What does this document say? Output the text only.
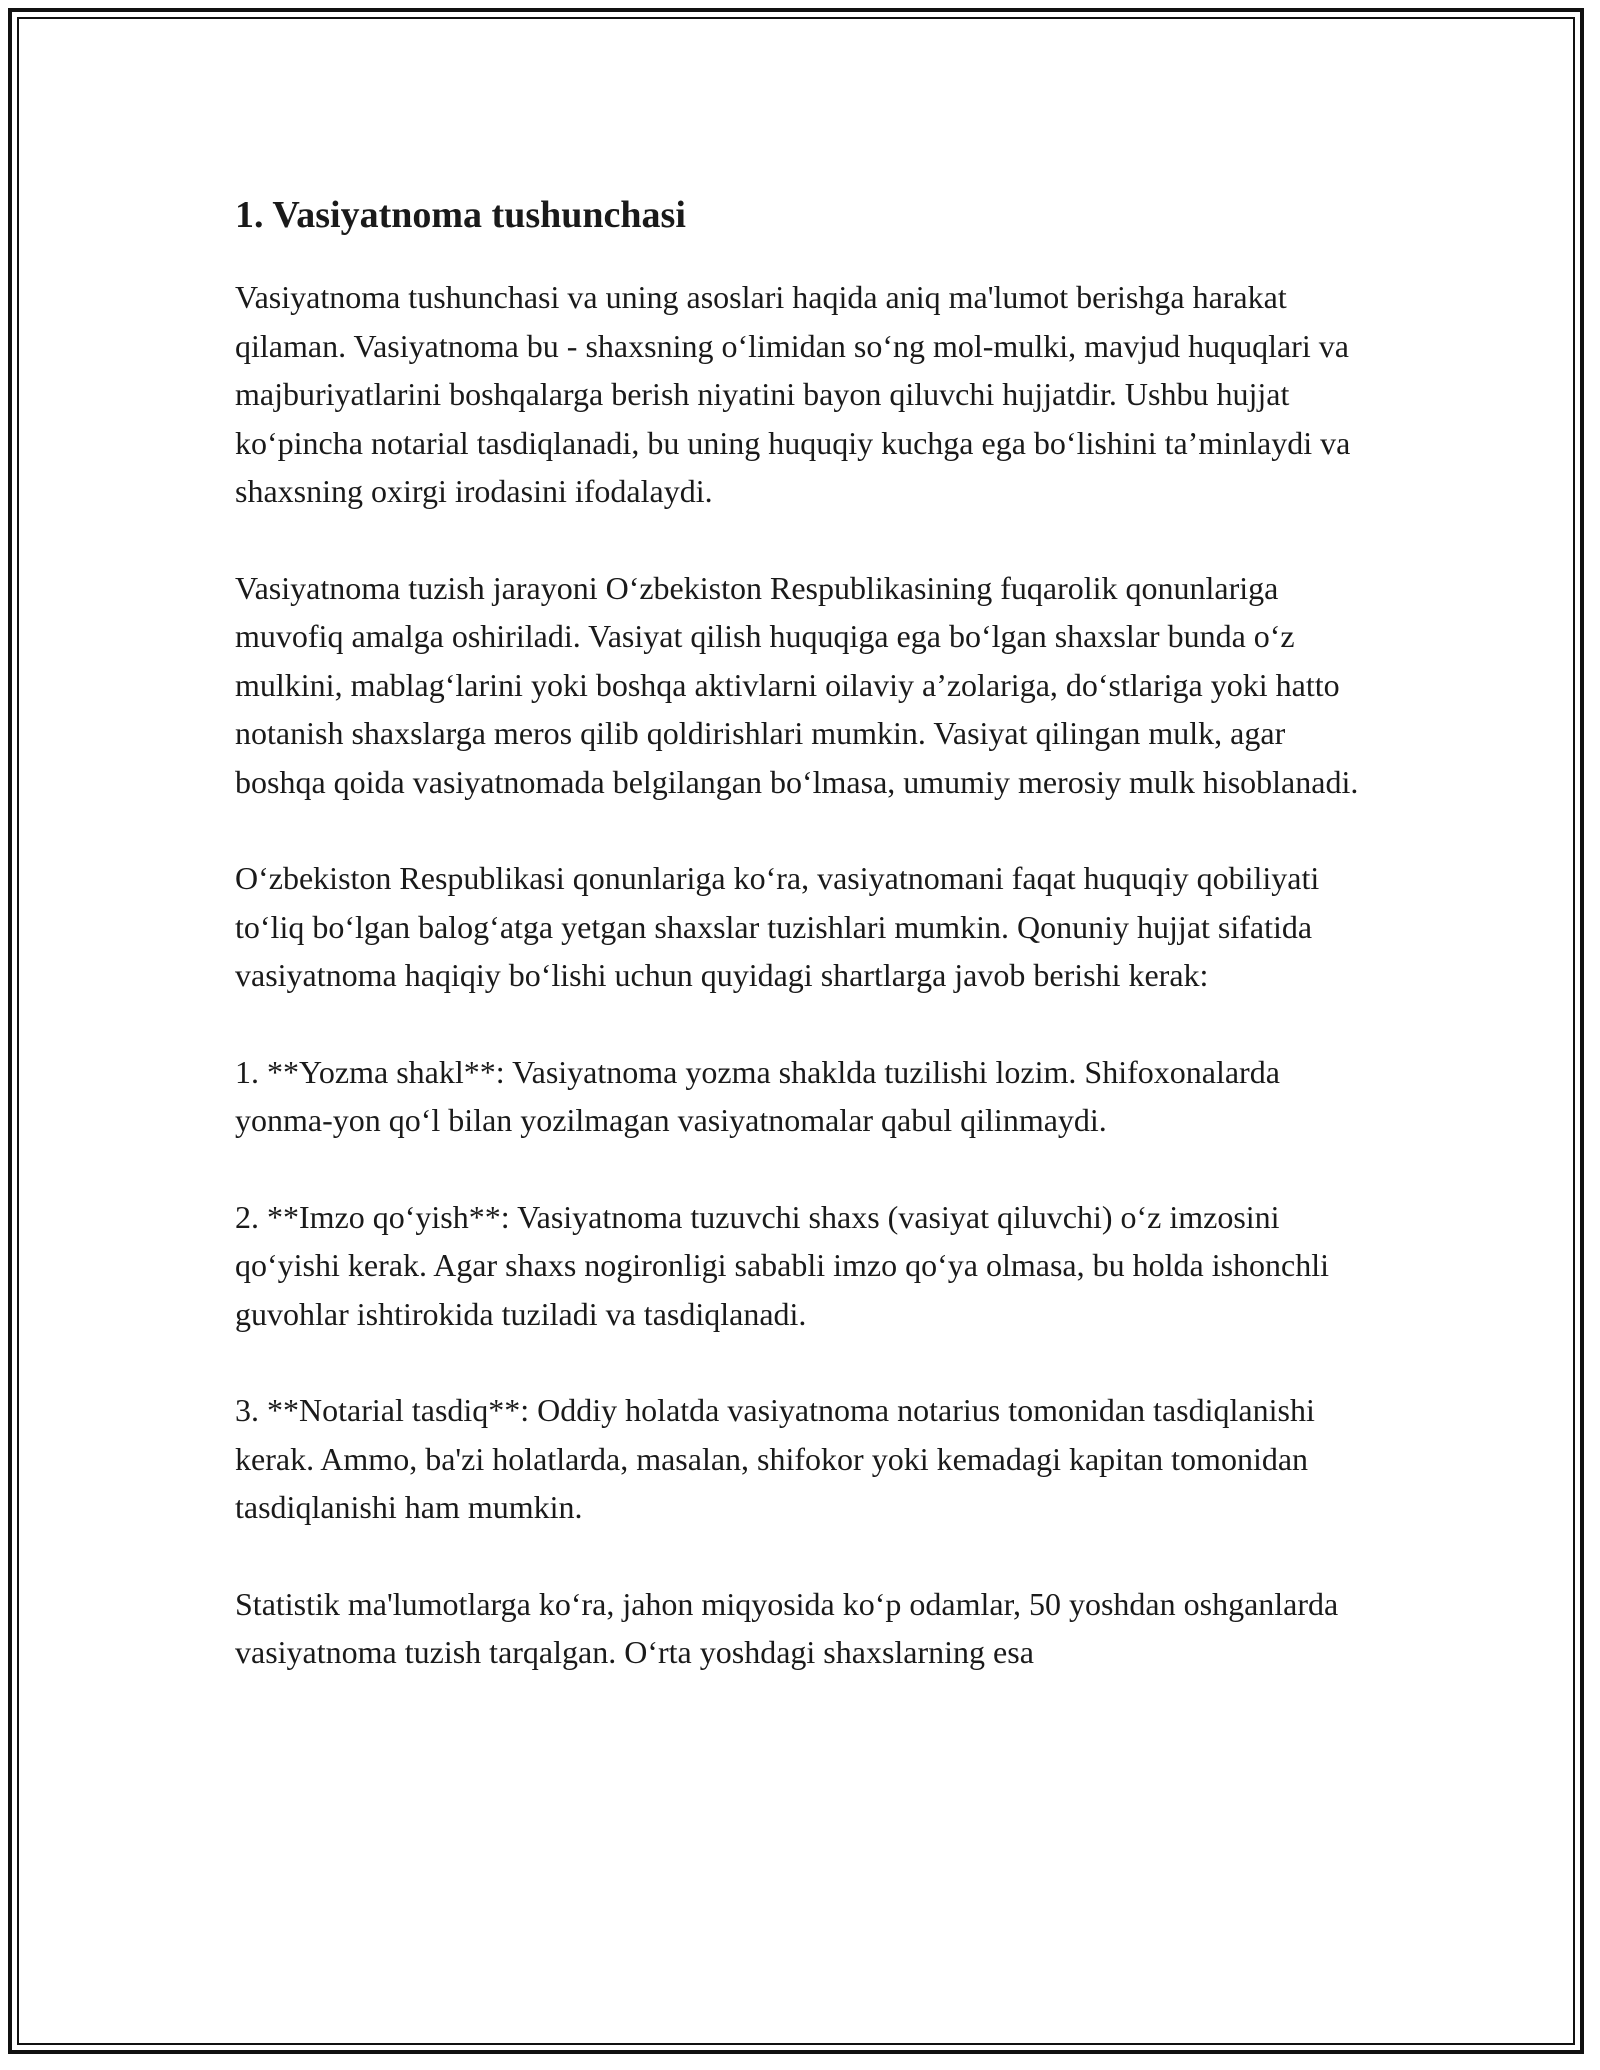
1. Vasiyatnoma tushunchasi

Vasiyatnoma tushunchasi va uning asoslari haqida aniq ma'lumot berishga harakat qilaman. Vasiyatnoma bu - shaxsning o‘limidan so‘ng mol-mulki, mavjud huquqlari va majburiyatlarini boshqalarga berish niyatini bayon qiluvchi hujjatdir. Ushbu hujjat ko‘pincha notarial tasdiqlanadi, bu uning huquqiy kuchga ega bo‘lishini ta’minlaydi va shaxsning oxirgi irodasini ifodalaydi.

Vasiyatnoma tuzish jarayoni O‘zbekiston Respublikasining fuqarolik qonunlariga muvofiq amalga oshiriladi. Vasiyat qilish huquqiga ega bo‘lgan shaxslar bunda o‘z mulkini, mablag‘larini yoki boshqa aktivlarni oilaviy a’zolariga, do‘stlariga yoki hatto notanish shaxslarga meros qilib qoldirishlari mumkin. Vasiyat qilingan mulk, agar boshqa qoida vasiyatnomada belgilangan bo‘lmasa, umumiy merosiy mulk hisoblanadi.

O‘zbekiston Respublikasi qonunlariga ko‘ra, vasiyatnomani faqat huquqiy qobiliyati to‘liq bo‘lgan balog‘atga yetgan shaxslar tuzishlari mumkin. Qonuniy hujjat sifatida vasiyatnoma haqiqiy bo‘lishi uchun quyidagi shartlarga javob berishi kerak:

1. **Yozma shakl**: Vasiyatnoma yozma shaklda tuzilishi lozim. Shifoxonalarda yonma-yon qo‘l bilan yozilmagan vasiyatnomalar qabul qilinmaydi.

2. **Imzo qo‘yish**: Vasiyatnoma tuzuvchi shaxs (vasiyat qiluvchi) o‘z imzosini qo‘yishi kerak. Agar shaxs nogironligi sababli imzo qo‘ya olmasa, bu holda ishonchli guvohlar ishtirokida tuziladi va tasdiqlanadi.

3. **Notarial tasdiq**: Oddiy holatda vasiyatnoma notarius tomonidan tasdiqlanishi kerak. Ammo, ba'zi holatlarda, masalan, shifokor yoki kemadagi kapitan tomonidan tasdiqlanishi ham mumkin.

Statistik ma'lumotlarga ko‘ra, jahon miqyosida ko‘p odamlar, 50 yoshdan oshganlarda vasiyatnoma tuzish tarqalgan. O‘rta yoshdagi shaxslarning esa
